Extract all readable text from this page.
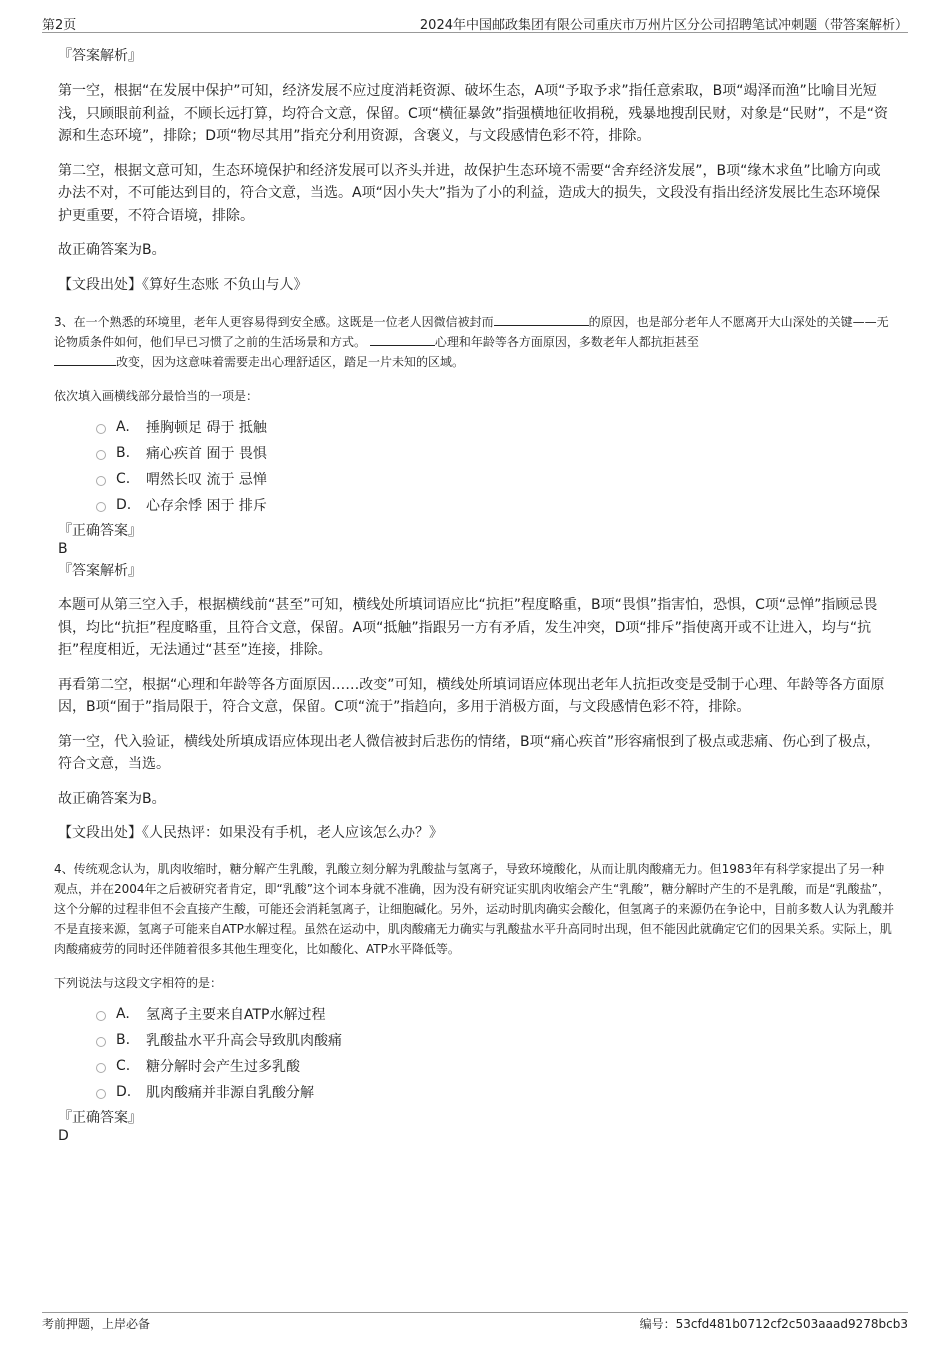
第2页	2024年中国邮政集团有限公司重庆市万州片区分公司招聘笔试冲刺题（带答案解析）
『答案解析』
第一空，根据“在发展中保护”可知，经济发展不应过度消耗资源、破坏生态，A项“予取予求”指任意索取，B项“竭泽而渔”比喻目光短浅，只顾眼前利益，不顾长远打算，均符合文意，保留。C项“横征暴敛”指强横地征收捐税，残暴地搜刮民财，对象是“民财”，不是“资源和生态环境”，排除；D项“物尽其用”指充分利用资源，含褒义，与文段感情色彩不符，排除。
第二空，根据文意可知，生态环境保护和经济发展可以齐头并进，故保护生态环境不需要“舍弃经济发展”，B项“缘木求鱼”比喻方向或办法不对，不可能达到目的，符合文意，当选。A项“因小失大”指为了小的利益，造成大的损失，文段没有指出经济发展比生态环境保护更重要，不符合语境，排除。
故正确答案为B。
【文段出处】《算好生态账 不负山与人》
3、在一个熟悉的环境里，老年人更容易得到安全感。这既是一位老人因微信被封而	的原因，也是部分老年人不愿离开大山深处的关键——无论物质条件如何，他们早已习惯了之前的生活场景和方式。	心理和年龄等各方面原因，多数老年人都抗拒甚至
改变，因为这意味着需要走出心理舒适区，踏足一片未知的区域。
依次填入画横线部分最恰当的一项是：
A.	捶胸顿足 碍于 抵触
B.	痛心疾首 囿于 畏惧
C.	喟然长叹 流于 忌惮
D.	心存余悸 困于 排斥
『正确答案』
B
『答案解析』
本题可从第三空入手，根据横线前“甚至”可知，横线处所填词语应比“抗拒”程度略重，B项“畏惧”指害怕，恐惧，C项“忌惮”指顾忌畏惧，均比“抗拒”程度略重，且符合文意，保留。A项“抵触”指跟另一方有矛盾，发生冲突，D项“排斥”指使离开或不让进入，均与“抗拒”程度相近，无法通过“甚至”连接，排除。
再看第二空，根据“心理和年龄等各方面原因……改变”可知，横线处所填词语应体现出老年人抗拒改变是受制于心理、年龄等各方面原因，B项“囿于”指局限于，符合文意，保留。C项“流于”指趋向，多用于消极方面，与文段感情色彩不符，排除。
第一空，代入验证，横线处所填成语应体现出老人微信被封后悲伤的情绪，B项“痛心疾首”形容痛恨到了极点或悲痛、伤心到了极点，符合文意，当选。
故正确答案为B。
【文段出处】《人民热评：如果没有手机，老人应该怎么办？》
4、传统观念认为，肌肉收缩时，糖分解产生乳酸，乳酸立刻分解为乳酸盐与氢离子，导致环境酸化，从而让肌肉酸痛无力。但1983年有科学家提出了另一种观点，并在2004年之后被研究者肯定，即“乳酸”这个词本身就不准确，因为没有研究证实肌肉收缩会产生“乳酸”，糖分解时产生的不是乳酸，而是“乳酸盐”，这个分解的过程非但不会直接产生酸，可能还会消耗氢离子，让细胞碱化。另外，运动时肌肉确实会酸化，但氢离子的来源仍在争论中，目前多数人认为乳酸并不是直接来源，氢离子可能来自ATP水解过程。虽然在运动中，肌肉酸痛无力确实与乳酸盐水平升高同时出现，但不能因此就确定它们的因果关系。实际上，肌肉酸痛疲劳的同时还伴随着很多其他生理变化，比如酸化、ATP水平降低等。
下列说法与这段文字相符的是：
A.	氢离子主要来自ATP水解过程
B.	乳酸盐水平升高会导致肌肉酸痛
C.	糖分解时会产生过多乳酸
D.	肌肉酸痛并非源自乳酸分解
『正确答案』
D
考前押题，上岸必备	编号：53cfd481b0712cf2c503aaad9278bcb3
